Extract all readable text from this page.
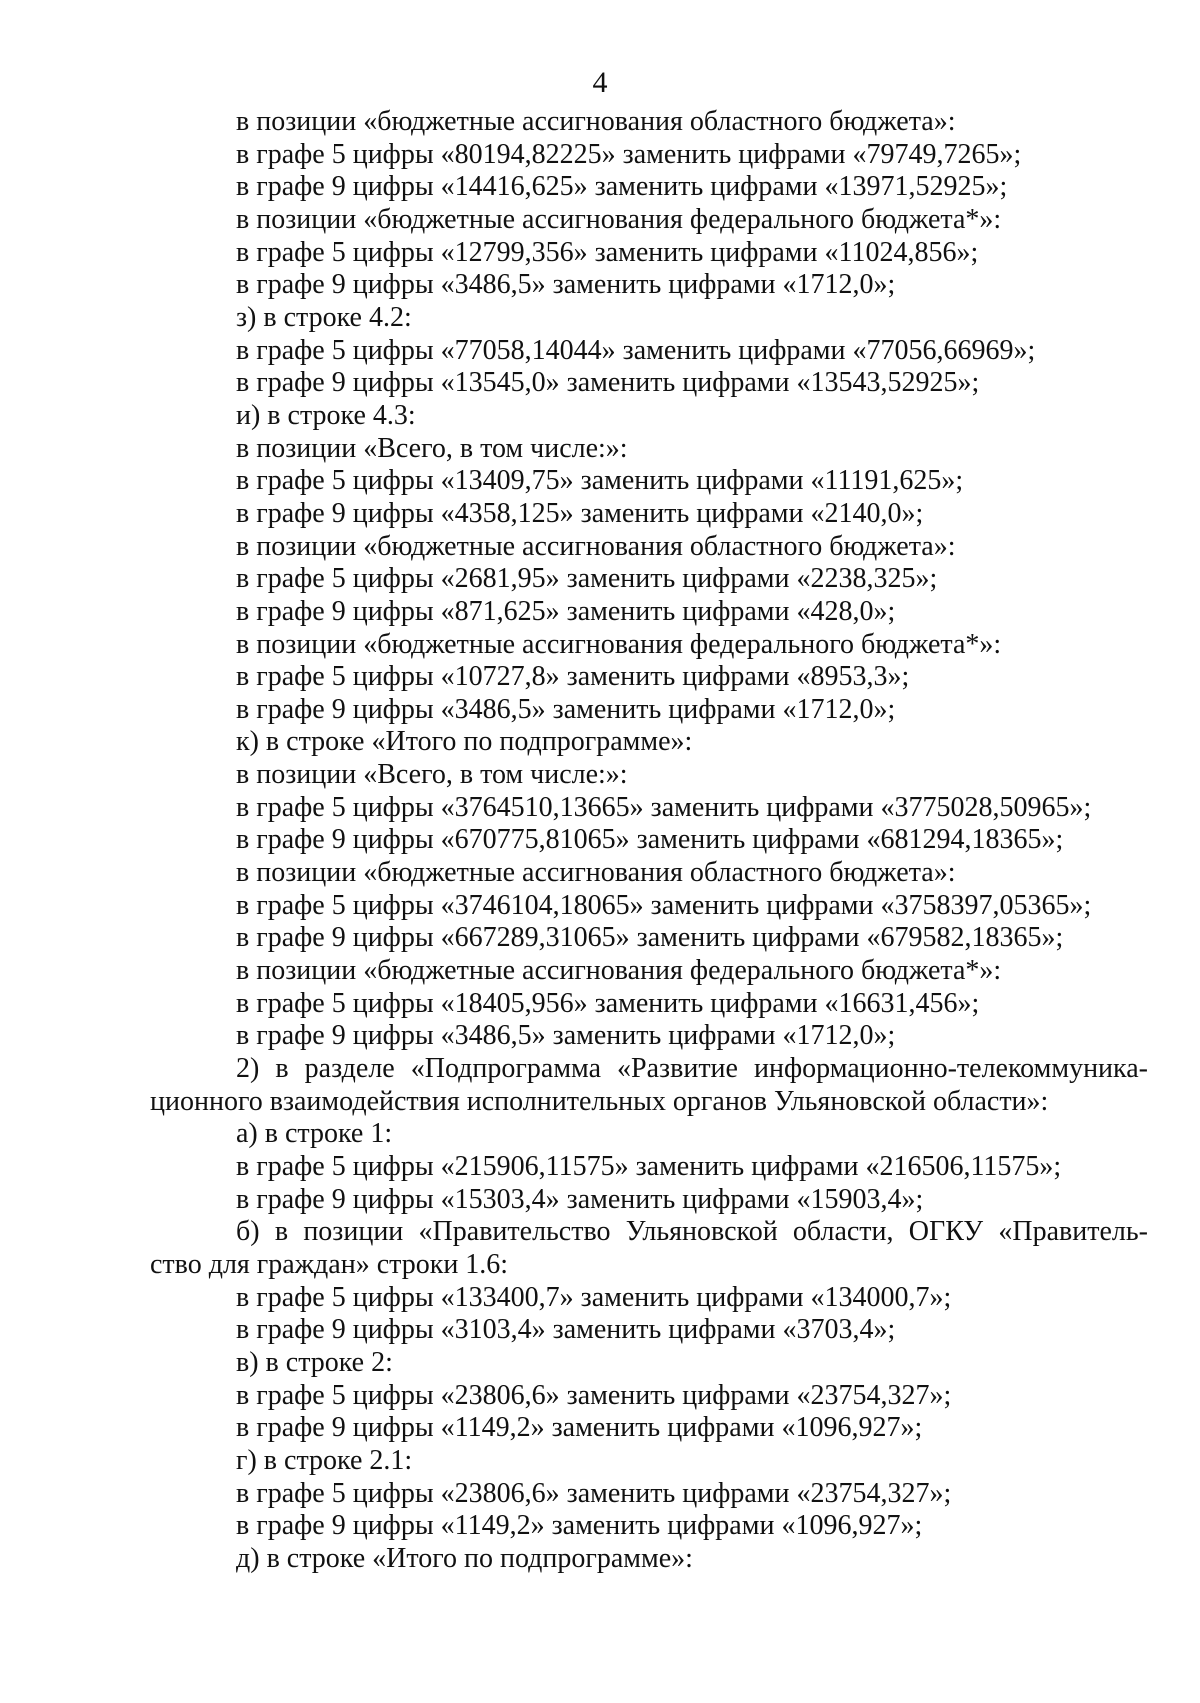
4
в позиции «бюджетные ассигнования областного бюджета»:
в графе 5 цифры «80194,82225» заменить цифрами «79749,7265»;
в графе 9 цифры «14416,625» заменить цифрами «13971,52925»;
в позиции «бюджетные ассигнования федерального бюджета*»:
в графе 5 цифры «12799,356» заменить цифрами «11024,856»;
в графе 9 цифры «3486,5» заменить цифрами «1712,0»;
з) в строке 4.2:
в графе 5 цифры «77058,14044» заменить цифрами «77056,66969»;
в графе 9 цифры «13545,0» заменить цифрами «13543,52925»;
и) в строке 4.3:
в позиции «Всего, в том числе:»:
в графе 5 цифры «13409,75» заменить цифрами «11191,625»;
в графе 9 цифры «4358,125» заменить цифрами «2140,0»;
в позиции «бюджетные ассигнования областного бюджета»:
в графе 5 цифры «2681,95» заменить цифрами «2238,325»;
в графе 9 цифры «871,625» заменить цифрами «428,0»;
в позиции «бюджетные ассигнования федерального бюджета*»:
в графе 5 цифры «10727,8» заменить цифрами «8953,3»;
в графе 9 цифры «3486,5» заменить цифрами «1712,0»;
к) в строке «Итого по подпрограмме»:
в позиции «Всего, в том числе:»:
в графе 5 цифры «3764510,13665» заменить цифрами «3775028,50965»;
в графе 9 цифры «670775,81065» заменить цифрами «681294,18365»;
в позиции «бюджетные ассигнования областного бюджета»:
в графе 5 цифры «3746104,18065» заменить цифрами «3758397,05365»;
в графе 9 цифры «667289,31065» заменить цифрами «679582,18365»;
в позиции «бюджетные ассигнования федерального бюджета*»:
в графе 5 цифры «18405,956» заменить цифрами «16631,456»;
в графе 9 цифры «3486,5» заменить цифрами «1712,0»;
2) в разделе «Подпрограмма «Развитие информационно-телекоммуника-
ционного взаимодействия исполнительных органов Ульяновской области»:
а) в строке 1:
в графе 5 цифры «215906,11575» заменить цифрами «216506,11575»;
в графе 9 цифры «15303,4» заменить цифрами «15903,4»;
б) в позиции «Правительство Ульяновской области, ОГКУ «Правитель-
ство для граждан» строки 1.6:
в графе 5 цифры «133400,7» заменить цифрами «134000,7»;
в графе 9 цифры «3103,4» заменить цифрами «3703,4»;
в) в строке 2:
в графе 5 цифры «23806,6» заменить цифрами «23754,327»;
в графе 9 цифры «1149,2» заменить цифрами «1096,927»;
г) в строке 2.1:
в графе 5 цифры «23806,6» заменить цифрами «23754,327»;
в графе 9 цифры «1149,2» заменить цифрами «1096,927»;
д) в строке «Итого по подпрограмме»:
